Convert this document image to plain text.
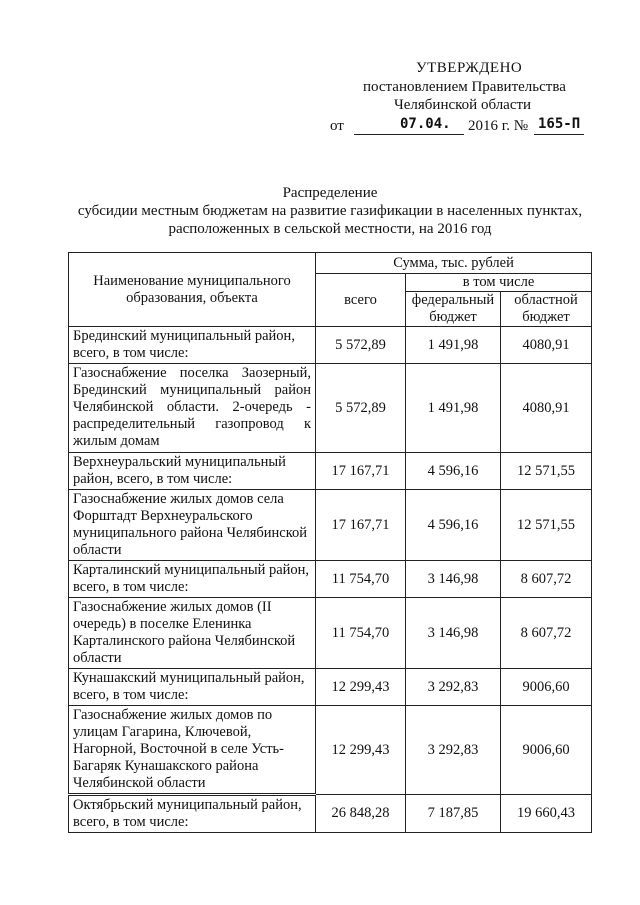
УТВЕРЖДЕНО
постановлением Правительства
Челябинской области
от	07.04. 2016 г. № 165-П
Распределение
субсидии местным бюджетам на развитие газификации в населенных пунктах,
расположенных в сельской местности, на 2016 год
Наименование муниципального образования, объекта	Сумма, тыс. рублей		
	всего	в том числе	
		федеральный бюджет	областной бюджет
Брединский муниципальный район, всего, в том числе:	5 572,89	1 491,98	4080,91
Газоснабжение поселка Заозерный, Брединский муниципальный район Челябинской области. 2-очередь - распределительный газопровод к жилым домам	5 572,89	1 491,98	4080,91
Верхнеуральский муниципальный район, всего, в том числе:	17 167,71	4 596,16	12 571,55
Газоснабжение жилых домов села Форштадт Верхнеуральского муниципального района Челябинской области	17 167,71	4 596,16	12 571,55
Карталинский муниципальный район, всего, в том числе:	11 754,70	3 146,98	8 607,72
Газоснабжение жилых домов (II очередь) в поселке Еленинка Карталинского района Челябинской области	11 754,70	3 146,98	8 607,72
Кунашакский муниципальный район, всего, в том числе:	12 299,43	3 292,83	9006,60
Газоснабжение жилых домов по улицам Гагарина, Ключевой, Нагорной, Восточной в селе Усть-Багаряк Кунашакского района Челябинской области	12 299,43	3 292,83	9006,60
Октябрьский муниципальный район, всего, в том числе:	26 848,28	7 187,85	19 660,43
